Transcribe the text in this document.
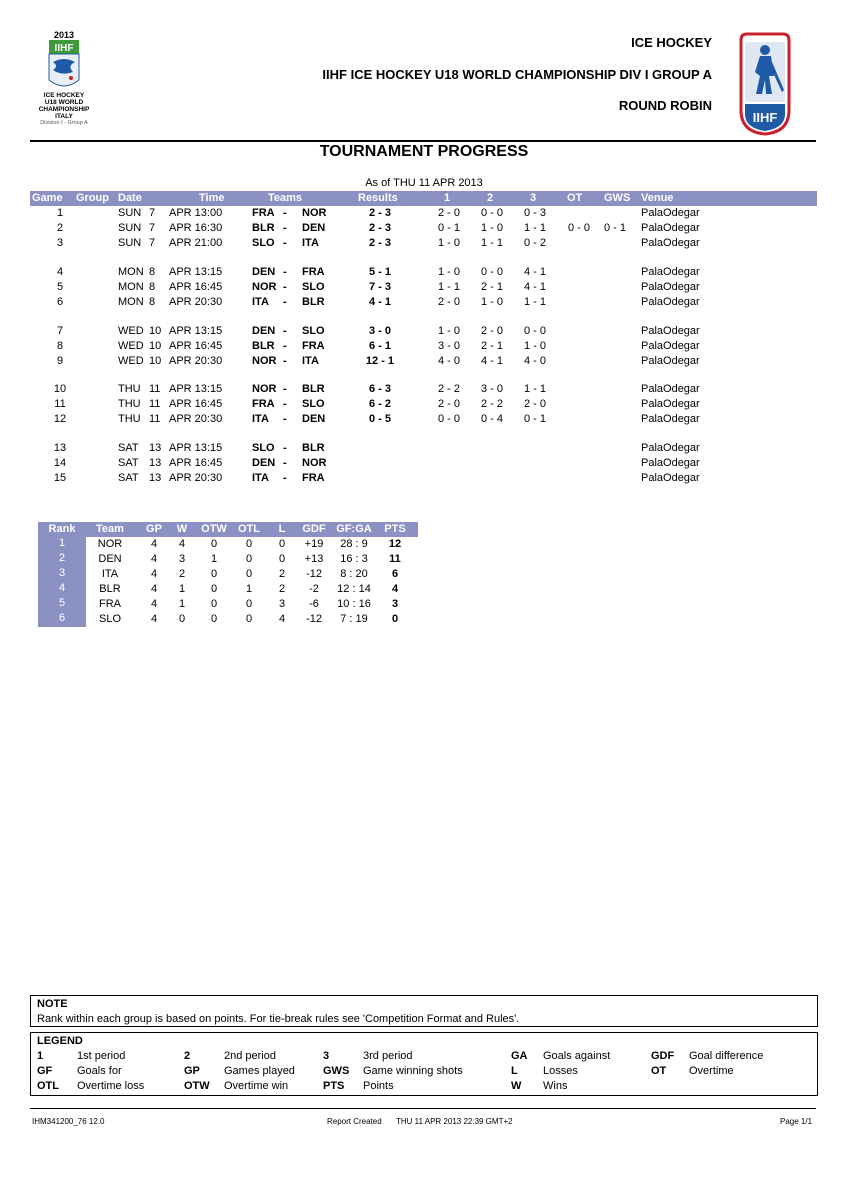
2013
IIHF
ICE HOCKEY
U18 WORLD
CHAMPIONSHIP
ITALY
Division I - Group A
ICE HOCKEY
IIHF ICE HOCKEY U18 WORLD CHAMPIONSHIP DIV I GROUP A
ROUND ROBIN
IIHF
TOURNAMENT PROGRESS
As of THU 11 APR 2013
Game Group Date	Time	Teams	Results	1	2	3	OT GWS Venue
1	SUN 7	APR 13:00	FRA -	NOR	2 - 3	2 - 0	0 - 0	0 - 3	PalaOdegar
2	SUN 7	APR 16:30	BLR -	DEN	2 - 3	0 - 1	1 - 0	1 - 1	0 - 0	0 - 1	PalaOdegar
3	SUN 7	APR 21:00	SLO -	ITA	2 - 3	1 - 0	1 - 1	0 - 2	PalaOdegar
4	MON 8	APR 13:15	DEN -	FRA	5 - 1	1 - 0	0 - 0	4 - 1	PalaOdegar
5	MON 8	APR 16:45	NOR -	SLO	7 - 3	1 - 1	2 - 1	4 - 1	PalaOdegar
6	MON 8	APR 20:30	ITA	-	BLR	4 - 1	2 - 0	1 - 0	1 - 1	PalaOdegar
7	WED 10 APR 13:15	DEN -	SLO	3 - 0	1 - 0	2 - 0	0 - 0	PalaOdegar
8	WED 10 APR 16:45	BLR -	FRA	6 - 1	3 - 0	2 - 1	1 - 0	PalaOdegar
9	WED 10 APR 20:30	NOR -	ITA	12 - 1	4 - 0	4 - 1	4 - 0	PalaOdegar
10	THU 11 APR 13:15	NOR -	BLR	6 - 3	2 - 2	3 - 0	1 - 1	PalaOdegar
11	THU 11 APR 16:45	FRA -	SLO	6 - 2	2 - 0	2 - 2	2 - 0	PalaOdegar
12	THU 11 APR 20:30	ITA	-	DEN	0 - 5	0 - 0	0 - 4	0 - 1	PalaOdegar
13	SAT 13 APR 13:15	SLO -	BLR	PalaOdegar
14	SAT 13 APR 16:45	DEN -	NOR	PalaOdegar
15	SAT 13 APR 20:30	ITA	-	FRA	PalaOdegar
Rank	Team	GP	W	OTW	OTL	L	GDF GF:GA	PTS
1	NOR	4	4	0	0	0	+19	28 : 9	12
2	DEN	4	3	1	0	0	+13	16 : 3	11
3	ITA	4	2	0	0	2	-12	8 : 20	6
4	BLR	4	1	0	1	2	-2	12 : 14	4
5	FRA	4	1	0	0	3	-6	10 : 16	3
6	SLO	4	0	0	0	4	-12	7 : 19	0
NOTE
Rank within each group is based on points. For tie-break rules see 'Competition Format and Rules'.
LEGEND
1	1st period	2	2nd period	3	3rd period	GA Goals against	GDF Goal difference
GF Goals for	GP Games played	GWS Game winning shots	L Losses	OT Overtime
OTL Overtime loss	OTW Overtime win	PTS Points	W Wins
IHM341200_76 12.0	Report Created THU 11 APR 2013 22:39 GMT+2	Page 1/1
